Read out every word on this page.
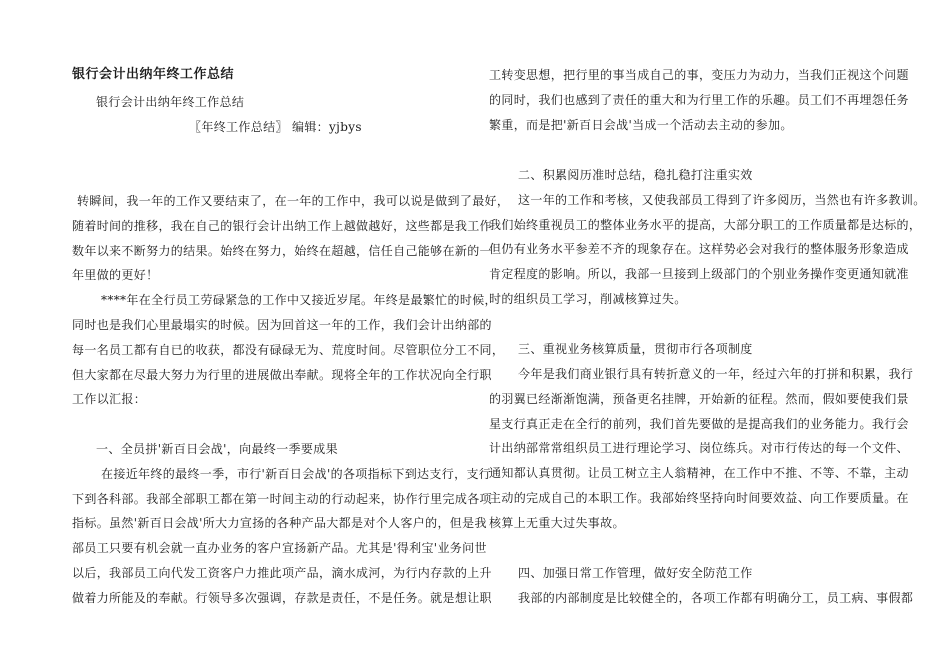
银行会计出纳年终工作总结
银行会计出纳年终工作总结
〖年终工作总结〗 编辑：yjbys
转瞬间，我一年的工作又要结束了，在一年的工作中，我可以说是做到了最好，
随着时间的推移，我在自己的银行会计出纳工作上越做越好，这些都是我工作
数年以来不断努力的结果。始终在努力，始终在超越，信任自己能够在新的一
年里做的更好！
****年在全行员工劳碌紧急的工作中又接近岁尾。年终是最繁忙的时候，
同时也是我们心里最塌实的时候。因为回首这一年的工作，我们会计出纳部的
每一名员工都有自已的收获，都没有碌碌无为、荒度时间。尽管职位分工不同，
但大家都在尽最大努力为行里的进展做出奉献。现将全年的工作状况向全行职
工作以汇报：
一、全员拼'新百日会战'，向最终一季要成果
在接近年终的最终一季，市行'新百日会战'的各项指标下到达支行，支行
下到各科部。我部全部职工都在第一时间主动的行动起来，协作行里完成各项
指标。虽然'新百日会战'所大力宣扬的各种产品大都是对个人客户的，但是我
部员工只要有机会就一直办业务的客户宣扬新产品。尤其是'得利宝'业务问世
以后，我部员工向代发工资客户力推此项产品，滴水成河，为行内存款的上升
做着力所能及的奉献。行领导多次强调，存款是责任，不是任务。就是想让职
工转变思想，把行里的事当成自己的事，变压力为动力，当我们正视这个问题
的同时，我们也感到了责任的重大和为行里工作的乐趣。员工们不再埋怨任务
繁重，而是把'新百日会战'当成一个活动去主动的参加。
二、积累阅历准时总结，稳扎稳打注重实效
这一年的工作和考核，又使我部员工得到了许多阅历，当然也有许多教训。
我们始终重视员工的整体业务水平的提高，大部分职工的工作质量都是达标的，
但仍有业务水平参差不齐的现象存在。这样势必会对我行的整体服务形象造成
肯定程度的影响。所以，我部一旦接到上级部门的个别业务操作变更通知就准
时的组织员工学习，削减核算过失。
三、重视业务核算质量，贯彻市行各项制度
今年是我们商业银行具有转折意义的一年，经过六年的打拼和积累，我行
的羽翼已经渐渐饱满，预备更名挂牌，开始新的征程。然而，假如要使我们景
星支行真正走在全行的前列，我们首先要做的是提高我们的业务能力。我行会
计出纳部常常组织员工进行理论学习、岗位练兵。对市行传达的每一个文件、
通知都认真贯彻。让员工树立主人翁精神，在工作中不推、不等、不靠，主动
主动的完成自己的本职工作。我部始终坚持向时间要效益、向工作要质量。在
核算上无重大过失事故。
四、加强日常工作管理，做好安全防范工作
我部的内部制度是比较健全的，各项工作都有明确分工，员工病、事假都
